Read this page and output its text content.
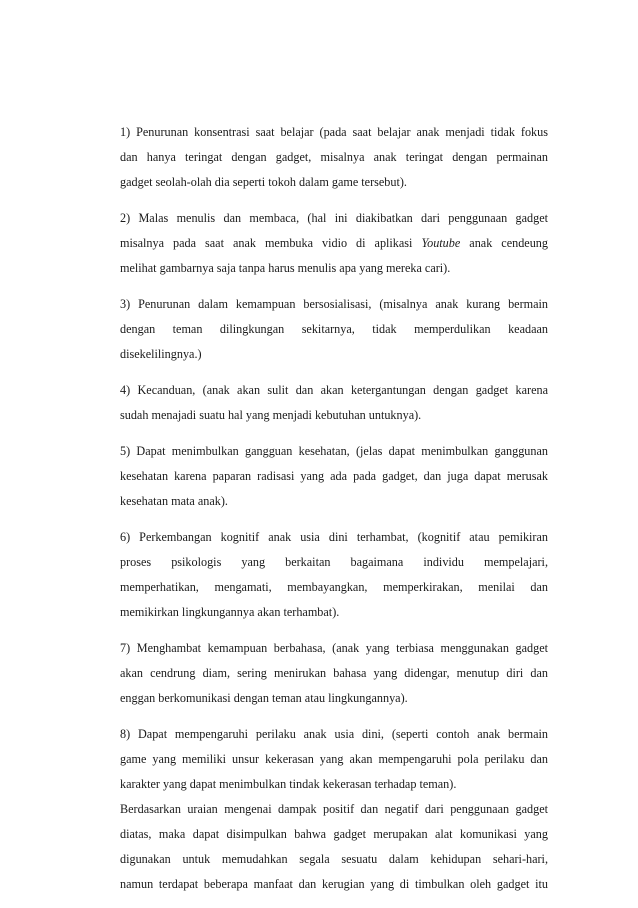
1) Penurunan konsentrasi saat belajar (pada saat belajar anak menjadi tidak fokus
dan hanya teringat dengan gadget, misalnya anak teringat dengan permainan
gadget seolah-olah dia seperti tokoh dalam game tersebut).

2) Malas menulis dan membaca, (hal ini diakibatkan dari penggunaan gadget
misalnya pada saat anak membuka vidio di aplikasi Youtube anak cendeung
melihat gambarnya saja tanpa harus menulis apa yang mereka cari).

3) Penurunan dalam kemampuan bersosialisasi, (misalnya anak kurang bermain
dengan teman dilingkungan sekitarnya, tidak memperdulikan keadaan
disekelilingnya.)

4) Kecanduan, (anak akan sulit dan akan ketergantungan dengan gadget karena
sudah menajadi suatu hal yang menjadi kebutuhan untuknya).

5) Dapat menimbulkan gangguan kesehatan, (jelas dapat menimbulkan ganggunan
kesehatan karena paparan radisasi yang ada pada gadget, dan juga dapat merusak
kesehatan mata anak).

6) Perkembangan kognitif anak usia dini terhambat, (kognitif atau pemikiran
proses psikologis yang berkaitan bagaimana individu mempelajari,
memperhatikan, mengamati, membayangkan, memperkirakan, menilai dan
memikirkan lingkungannya akan terhambat).

7) Menghambat kemampuan berbahasa, (anak yang terbiasa menggunakan gadget
akan cendrung diam, sering menirukan bahasa yang didengar, menutup diri dan
enggan berkomunikasi dengan teman atau lingkungannya).

8) Dapat mempengaruhi perilaku anak usia dini, (seperti contoh anak bermain
game yang memiliki unsur kekerasan yang akan mempengaruhi pola perilaku dan
karakter yang dapat menimbulkan tindak kekerasan terhadap teman).

Berdasarkan uraian mengenai dampak positif dan negatif dari penggunaan gadget
diatas, maka dapat disimpulkan bahwa gadget merupakan alat komunikasi yang
digunakan untuk memudahkan segala sesuatu dalam kehidupan sehari-hari,
namun terdapat beberapa manfaat dan kerugian yang di timbulkan oleh gadget itu
